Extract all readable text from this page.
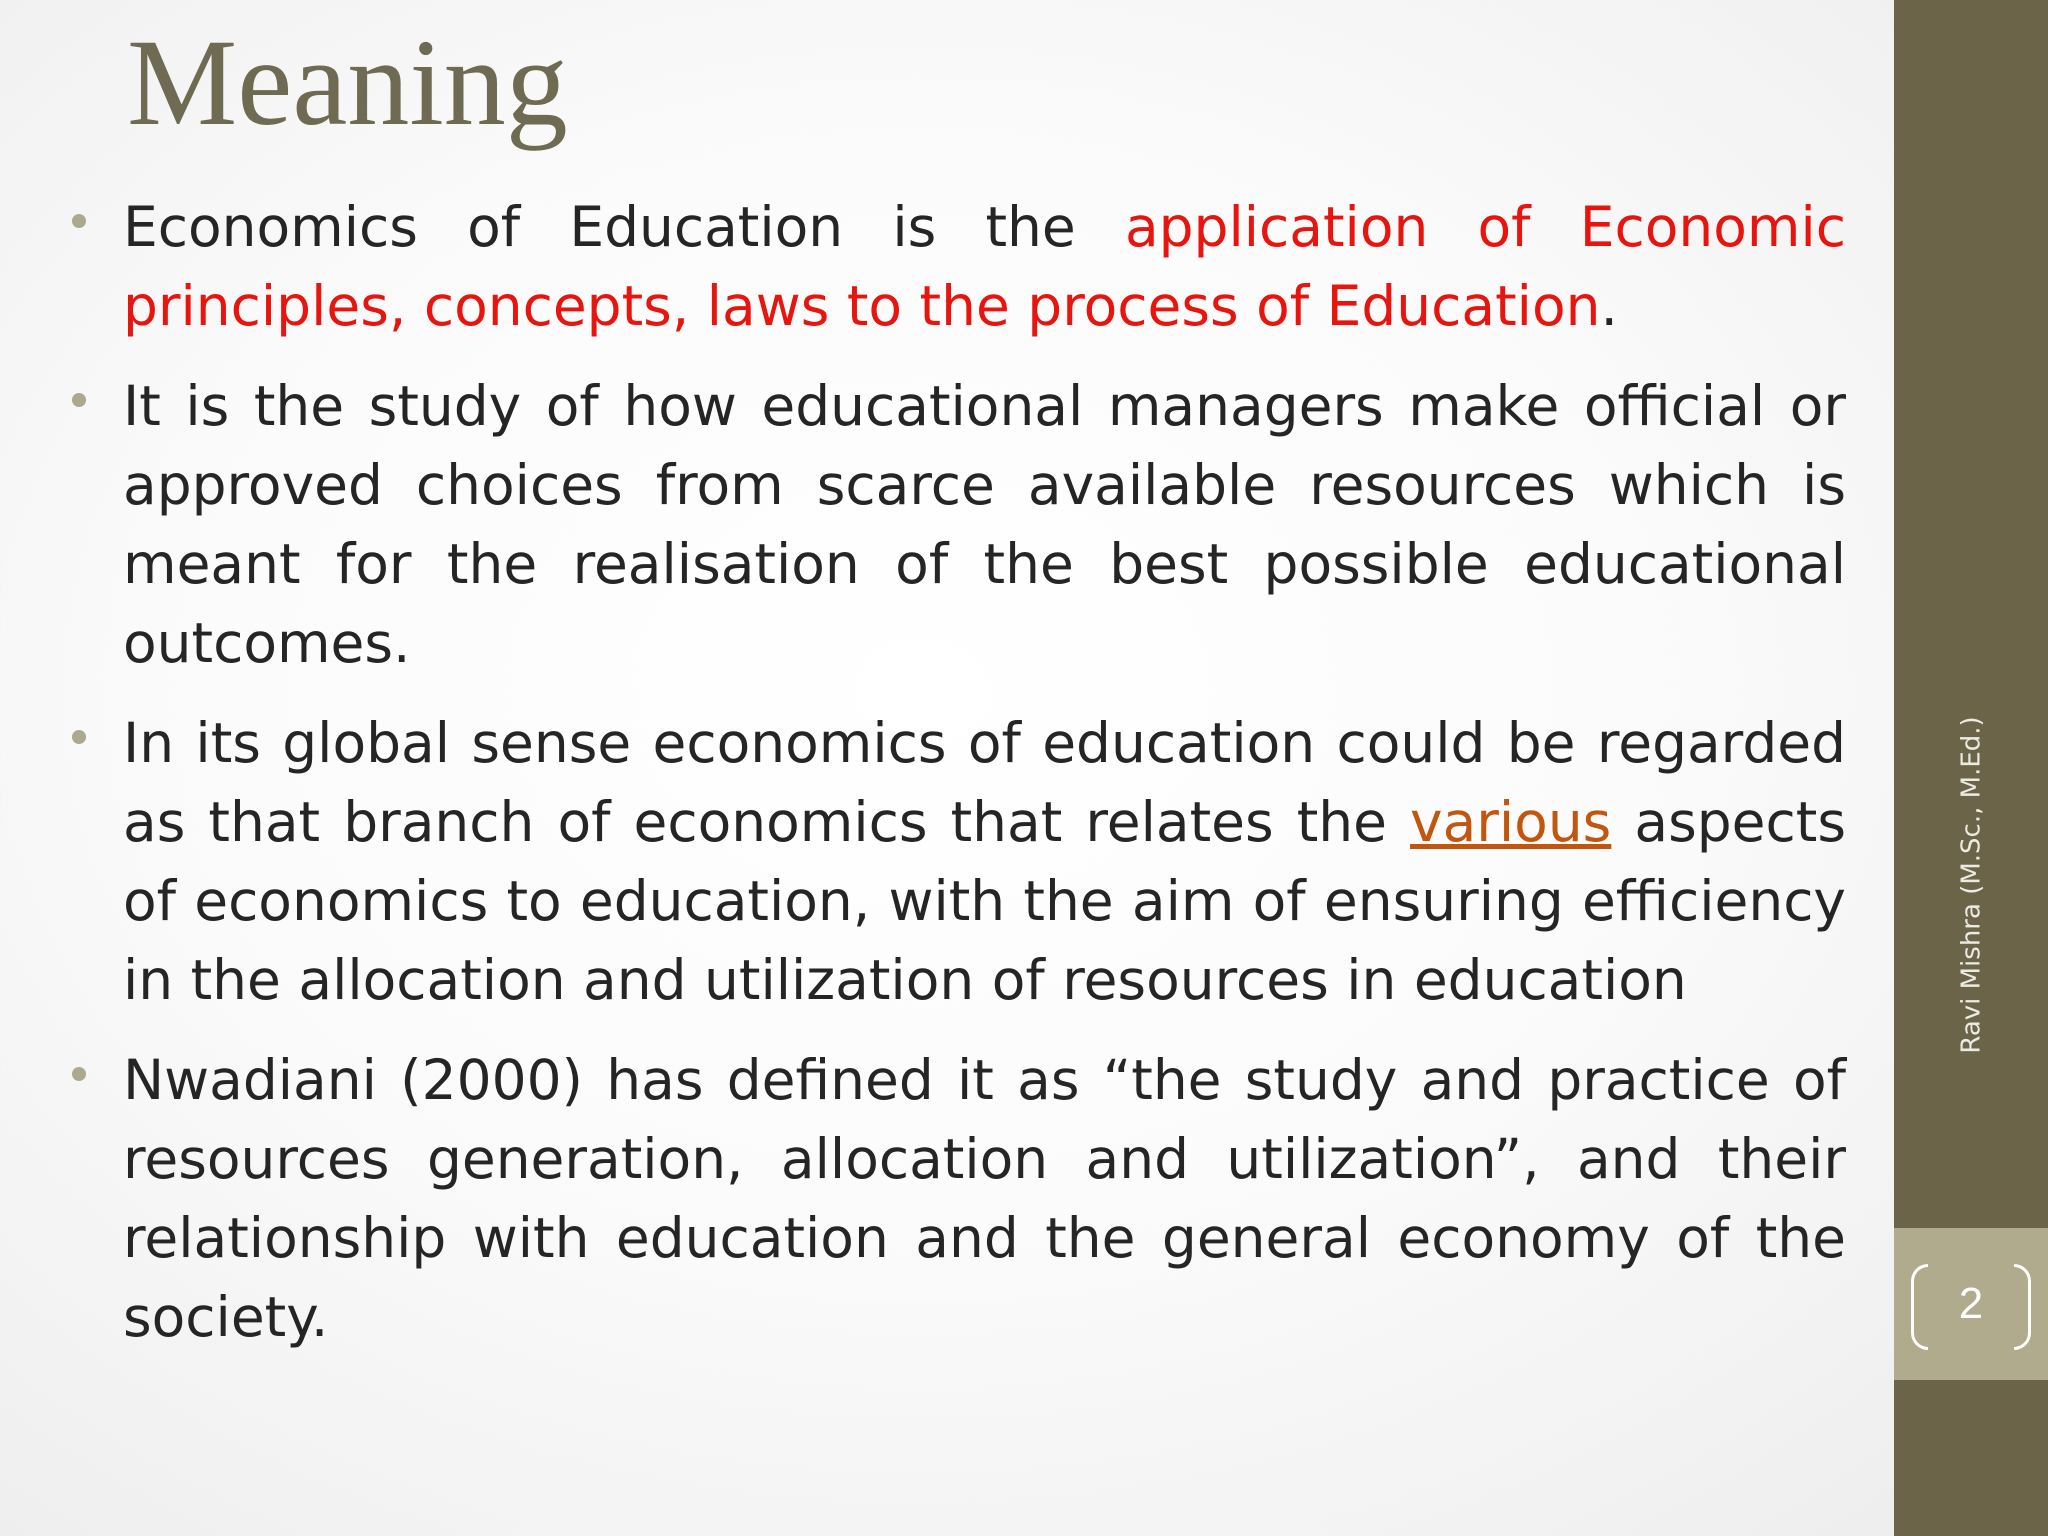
Meaning
Economics of Education is the application of Economic principles, concepts, laws to the process of Education.
It is the study of how educational managers make official or approved choices from scarce available resources which is meant for the realisation of the best possible educational outcomes.
In its global sense economics of education could be regarded as that branch of economics that relates the various aspects of economics to education, with the aim of ensuring efficiency in the allocation and utilization of resources in education
Nwadiani (2000) has defined it as “the study and practice of resources generation, allocation and utilization”, and their relationship with education and the general economy of the society.	2
Ravi Mishra (M.Sc., M.Ed.)
